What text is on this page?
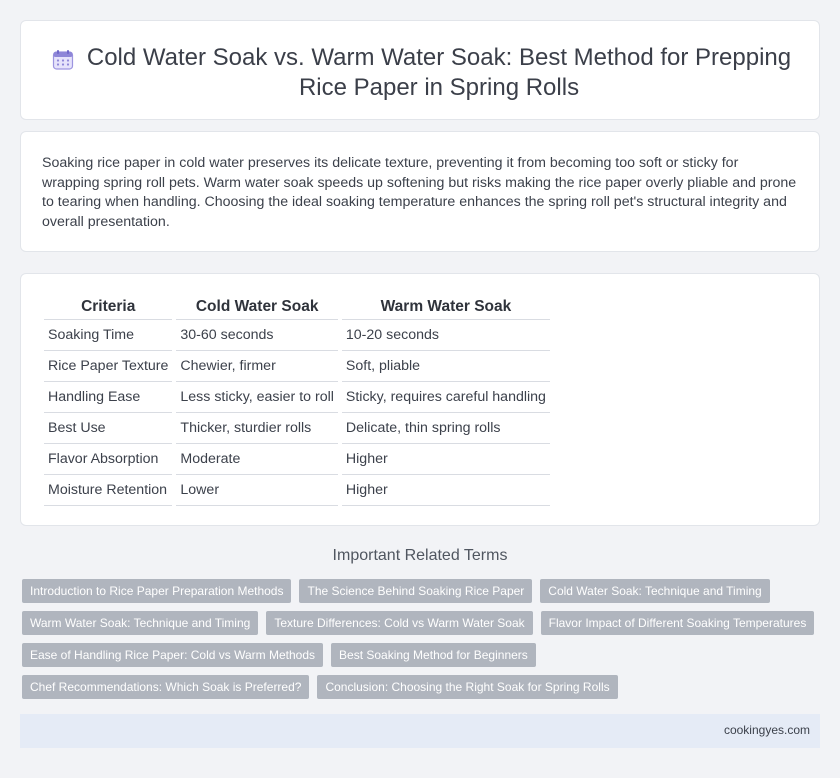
Cold Water Soak vs. Warm Water Soak: Best Method for Prepping Rice Paper in Spring Rolls

Soaking rice paper in cold water preserves its delicate texture, preventing it from becoming too soft or sticky for wrapping spring roll pets. Warm water soak speeds up softening but risks making the rice paper overly pliable and prone to tearing when handling. Choosing the ideal soaking temperature enhances the spring roll pet's structural integrity and overall presentation.

Criteria	Cold Water Soak	Warm Water Soak
Soaking Time	30-60 seconds	10-20 seconds
Rice Paper Texture	Chewier, firmer	Soft, pliable
Handling Ease	Less sticky, easier to roll	Sticky, requires careful handling
Best Use	Thicker, sturdier rolls	Delicate, thin spring rolls
Flavor Absorption	Moderate	Higher
Moisture Retention	Lower	Higher
Important Related Terms
Introduction to Rice Paper Preparation Methods	The Science Behind Soaking Rice Paper	Cold Water Soak: Technique and Timing
Warm Water Soak: Technique and Timing	Texture Differences: Cold vs Warm Water Soak	Flavor Impact of Different Soaking Temperatures
Ease of Handling Rice Paper: Cold vs Warm Methods	Best Soaking Method for Beginners
Chef Recommendations: Which Soak is Preferred?	Conclusion: Choosing the Right Soak for Spring Rolls
cookingyes.com
